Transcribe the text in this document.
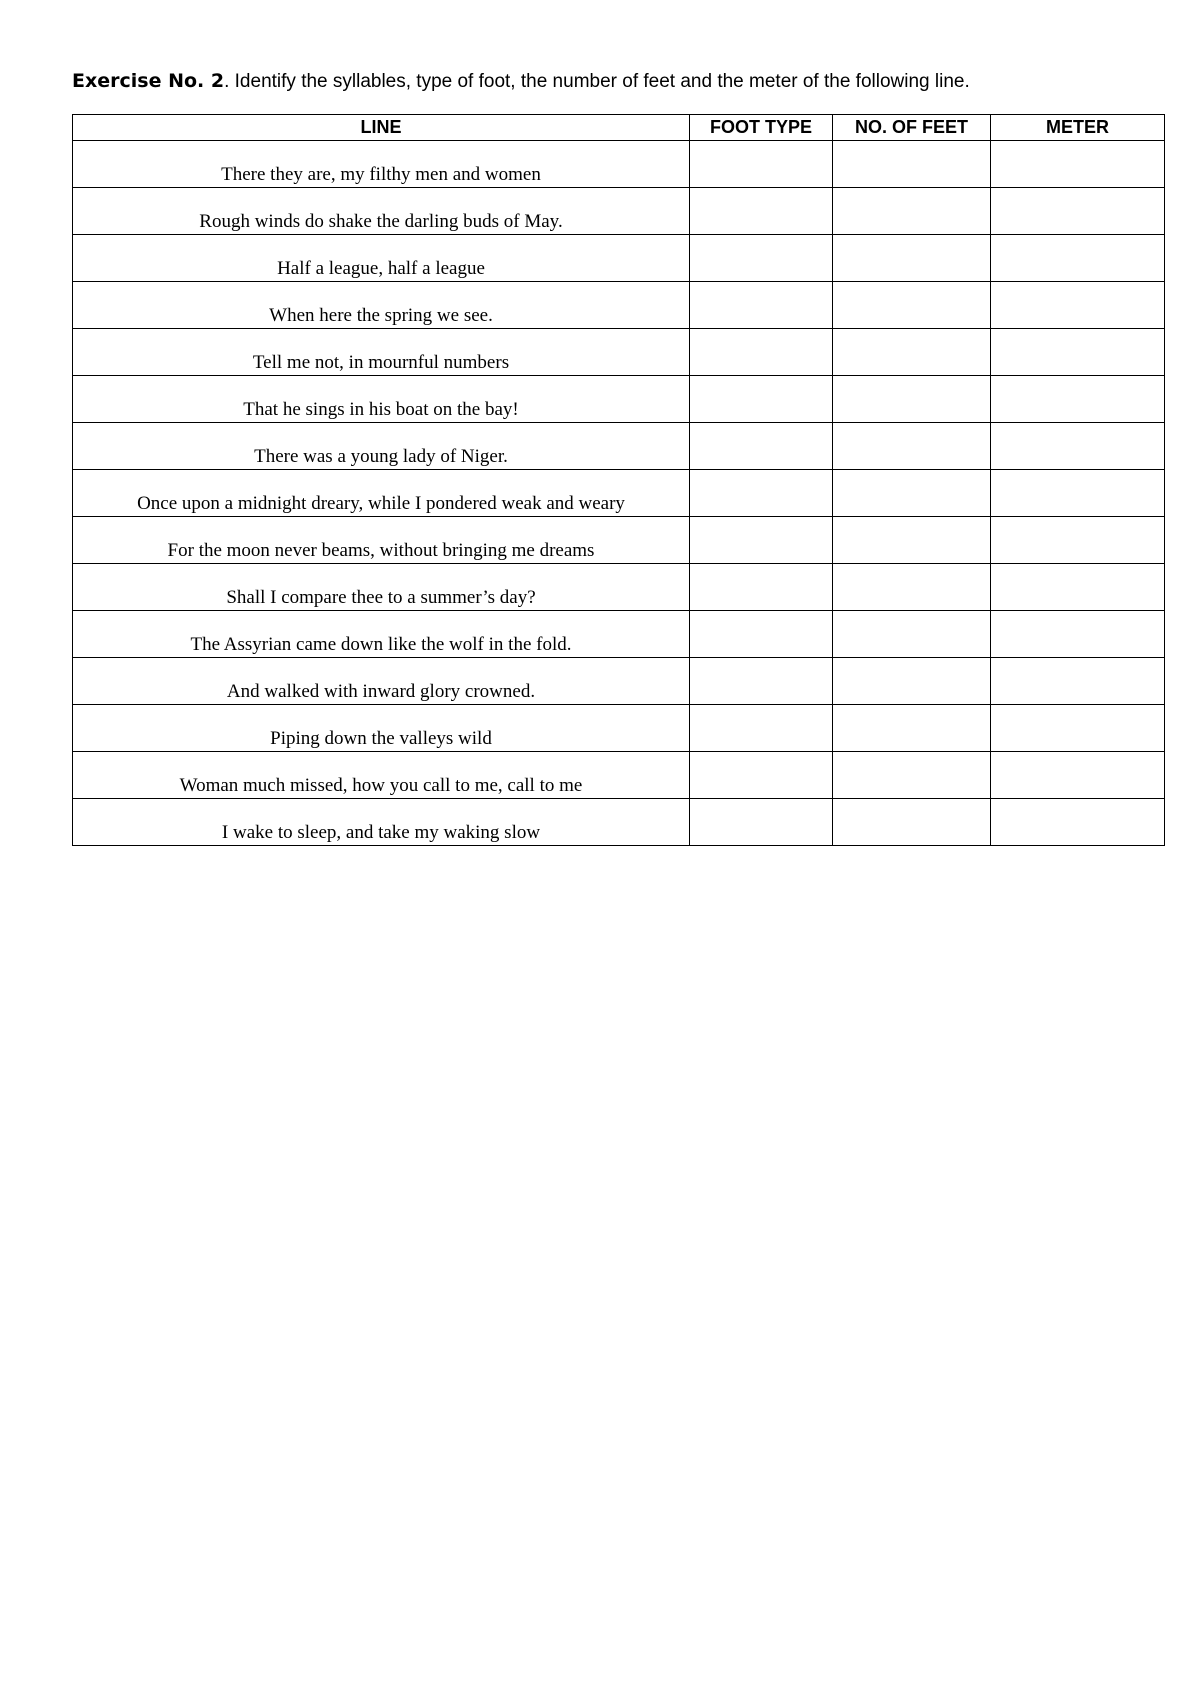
Exercise No. 2. Identify the syllables, type of foot, the number of feet and the meter of the following line.
LINE	FOOT TYPE	NO. OF FEET	METER
There they are, my filthy men and women			
Rough winds do shake the darling buds of May.			
Half a league, half a league			
When here the spring we see.			
Tell me not, in mournful numbers			
That he sings in his boat on the bay!			
There was a young lady of Niger.			
Once upon a midnight dreary, while I pondered weak and weary			
For the moon never beams, without bringing me dreams			
Shall I compare thee to a summer’s day?			
The Assyrian came down like the wolf in the fold.			
And walked with inward glory crowned.			
Piping down the valleys wild			
Woman much missed, how you call to me, call to me			
I wake to sleep, and take my waking slow			
